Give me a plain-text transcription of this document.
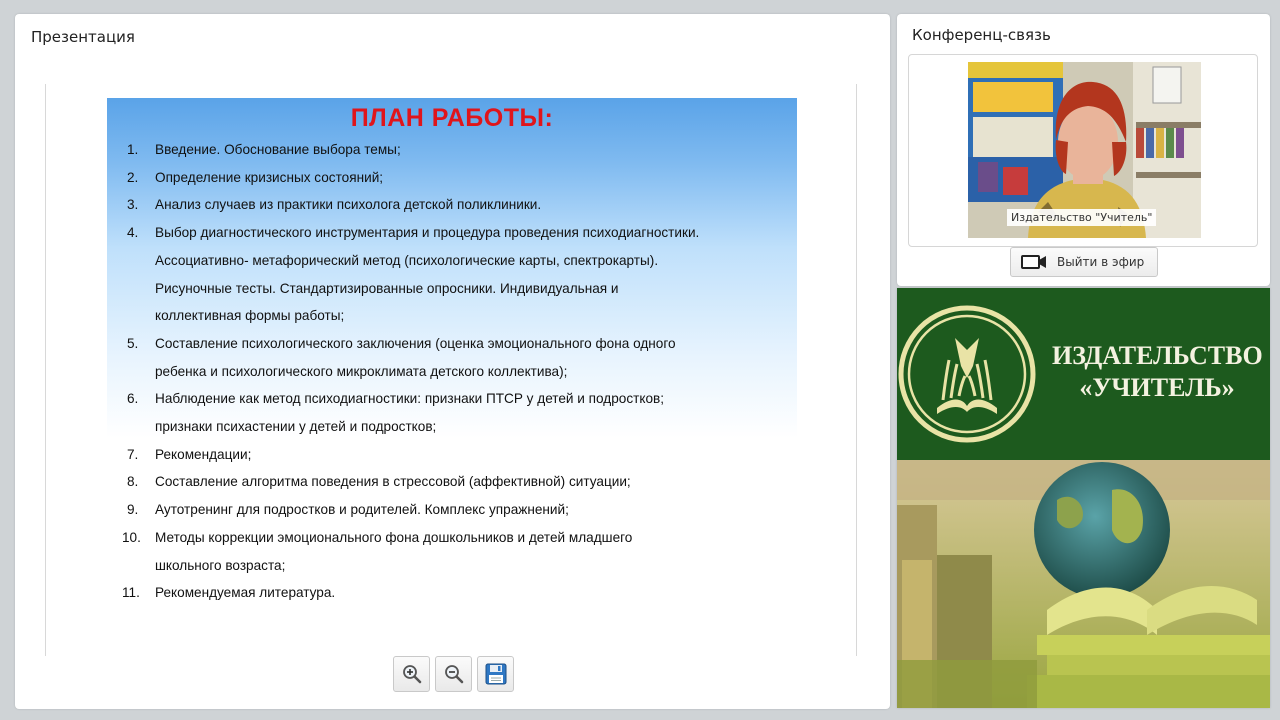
Презентация
ПЛАН РАБОТЫ:
1. Введение. Обоснование выбора темы;
2. Определение кризисных состояний;
3. Анализ случаев из практики психолога детской поликлиники.
4. Выбор диагностического инструментария и процедура проведения психодиагностики.
Ассоциативно- метафорический метод (психологические карты, спектрокарты).
Рисуночные тесты. Стандартизированные опросники. Индивидуальная и
коллективная формы работы;
5. Составление психологического заключения (оценка эмоционального фона одного
ребенка и психологического микроклимата детского коллектива);
6. Наблюдение как метод психодиагностики: признаки ПТСР у детей и подростков;
признаки психастении у детей и подростков;
7. Рекомендации;
8. Составление алгоритма поведения в стрессовой (аффективной) ситуации;
9. Аутотренинг для подростков и родителей. Комплекс упражнений;
10. Методы коррекции эмоционального фона дошкольников и детей младшего
школьного возраста;
11. Рекомендуемая литература.
Конференц-связь
Издательство "Учитель"
Выйти в эфир
ИЗДАТЕЛЬСТВО
«УЧИТЕЛЬ»
